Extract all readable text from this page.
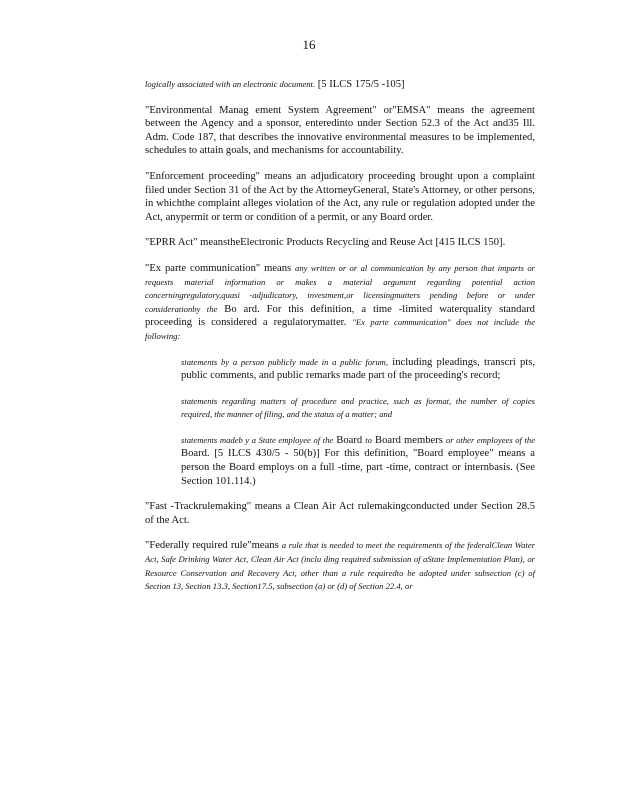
16

logically associated with an electronic document. [5 ILCS 175/5 -105]

"Environmental Manag ement System Agreement" or"EMSA" means the agreement between the Agency and a sponsor, enteredinto under Section 52.3 of the Act and35 Ill. Adm. Code 187, that describes the innovative environmental measures to be implemented, schedules to attain goals, and mechanisms for accountability.

"Enforcement proceeding" means an adjudicatory proceeding brought upon a complaint filed under Section 31 of the Act by the AttorneyGeneral, State's Attorney, or other persons, in whichthe complaint alleges violation of the Act, any rule or regulation adopted under the Act, anypermit or term or condition of a permit, or any Board order.

"EPRR Act" meanstheElectronic Products Recycling and Reuse Act [415 ILCS 150].

"Ex parte communication" means any written or or al communication by any person that imparts or requests material information or makes a material argument regarding potential action concerningregulatory,quasi -adjudicatory, investment,or licensingmatters pending before or under considerationby the Bo ard. For this definition, a time -limited waterquality standard proceeding is considered a regulatorymatter. "Ex parte communication" does not include the following:

statements by a person publicly made in a public forum, including pleadings, transcri pts, public comments, and public remarks made part of the proceeding's record;

statements regarding matters of procedure and practice, such as format, the number of copies required, the manner of filing, and the status of a matter; and

statements madeb y a State employee of the Board to Board members or other employees of the Board. [5 ILCS 430/5 - 50(b)] For this definition, "Board employee" means a person the Board employs on a full -time, part -time, contract or internbasis. (See Section 101.114.)

"Fast -Trackrulemaking" means a Clean Air Act rulemakingconducted under Section 28.5 of the Act.

"Federally required rule"means a rule that is needed to meet the requirements of the federalClean Water Act, Safe Drinking Water Act, Clean Air Act (inclu ding required submission of aState Implementation Plan), or Resource Conservation and Recovery Act, other than a rule requiredto be adopted under subsection (c) of Section 13, Section 13.3, Section17.5, subsection (a) or (d) of Section 22.4, or
